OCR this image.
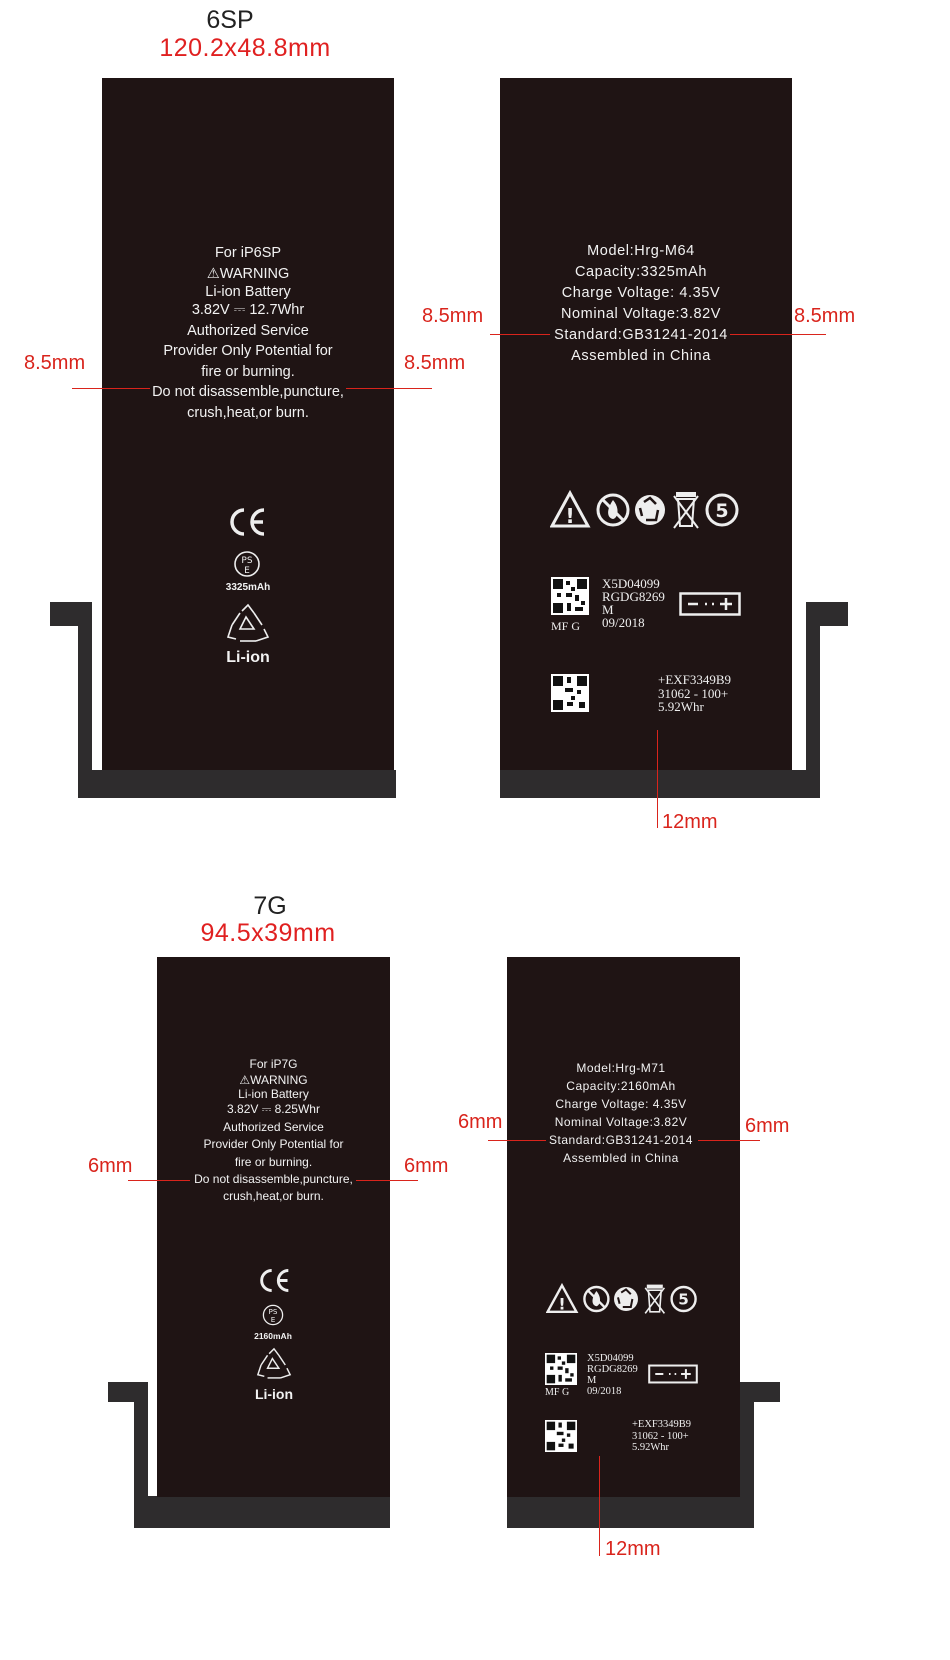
6SP
120.2x48.8mm
For iP6SP
⚠WARNING
Li-ion Battery
3.82V ⎓ 12.7Whr
Authorized Service
Provider Only Potential for
fire or burning.
Do not disassemble,puncture,
crush,heat,or burn.
PS
E
3325mAh
Li-ion
8.5mm	8.5mm
Model:Hrg-M64
Capacity:3325mAh
Charge Voltage: 4.35V
Nominal Voltage:3.82V
Standard:GB31241-2014
Assembled in China
8.5mm	8.5mm
!	5
MF G
X5D04099
RGDG8269
M
09/2018
+EXF3349B9
31062 - 100+
5.92Whr
12mm
7G
94.5x39mm
For iP7G
⚠WARNING
Li-ion Battery
3.82V ⎓ 8.25Whr
Authorized Service
Provider Only Potential for
fire or burning.
Do not disassemble,puncture,
crush,heat,or burn.
PS
E
2160mAh
Li-ion
6mm	6mm
Model:Hrg-M71
Capacity:2160mAh
Charge Voltage: 4.35V
Nominal Voltage:3.82V
Standard:GB31241-2014
Assembled in China
6mm	6mm
!	5
MF G
X5D04099
RGDG8269
M
09/2018
+EXF3349B9
31062 - 100+
5.92Whr
12mm
